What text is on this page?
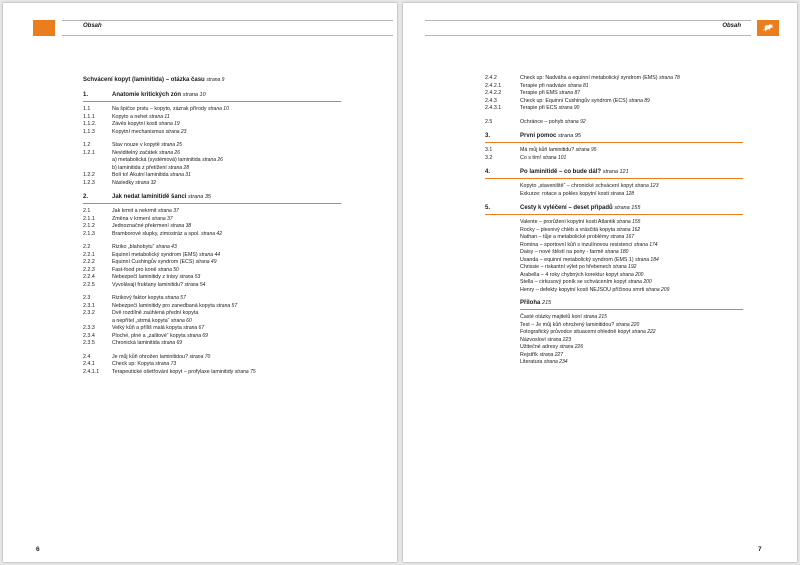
Obsah
Schvácení kopyt (laminitida) – otázka času strana 9
1.	Anatomie kritických zón strana 10
1.1	Na špičce prstu – kopyto, zázrak přírody strana 10
1.1.1	Kopyto a nehet strana 11
1.1.2.	Závěs kopytní kosti strana 19
1.1.3	Kopytní mechanismus strana 23
1.2	Stav nouze v kopytě strana 25
1.2.1	Neviditelný začátek strana 26
a) metabolická (systémová) laminitida strana 26
b) laminitida z přetížení strana 28
1.2.2	Bolí to! Akutní laminitida strana 31
1.2.3	Následky strana 32
2.	Jak nedat laminitidě šanci strana 35
2.1	Jak krmit a nekrmit strana 37
2.1.1	Změna v krmení strana 37
2.1.2	Jednoznačné překrmení strana 38
2.1.3	Bramborové slupky, zimostráz a spol. strana 42
2.2	Riziko „blahobytu“ strana 43
2.2.1	Equinní metabolický syndrom (EMS) strana 44
2.2.2	Equinní Cushingův syndrom (ECS) strana 49
2.2.3	Fast-food pro koně strana 50
2.2.4	Nebezpečí laminitidy z trávy strana 53
2.2.5	Vyvolávají fruktany laminitidu? strana 54
2.3	Rizikový faktor kopyta strana 57
2.3.1	Nebezpečí laminitidy pro zanedbaná kopyta strana 57
2.3.2	Dvě rozdílně zaúhlená přední kopyta
a nepřítel „strmá kopyta“ strana 60
2.3.3	Velký kůň a příliš malá kopyta strana 67
2.3.4	Ploché, plné a „zalitové“ kopyta strana 69
2.3.5	Chronická laminitida strana 69
2.4	Je můj kůň ohrožen laminitidou? strana 70
2.4.1	Check up: Kopyta strana 73
2.4.1.1 Terapeutické ošetřování kopyt – profylaxe laminitidy strana 75
6
Obsah
2.4.2	Check up: Nadváha a equinní metabolický syndrom (EMS) strana 78
2.4.2.1	Terapie při nadváze strana 81
2.4.2.2	Terapie při EMS strana 87
2.4.3	Check up: Equinní Cushingův syndrom (ECS) strana 89
2.4.3.1	Terapie při ECS strana 90
2.5	Ochránce – pohyb strana 92
3.	První pomoc strana 95
3.1	Má můj kůň laminitidu? strana 95
3.2	Co s tím! strana 101
4.	Po laminitidě – co bude dál? strana 121
Kopyto „staveniště“ – chronické schvácení kopyt strana 123
Exkurze: rotace a pokles kopytní kosti strana 128
5.	Cesty k vyléčení – deset případů strana 155
Valente – prorůžení kopytní kosti Atlantik strana 155
Rocky – plesnivý chléb a vrásčitá kopyta strana 162
Nathan – tůje a metabolické problémy strana 167
Romina – sportovní kůň s inzulínovou resistencí strana 174
Daisy – nové štěstí na pony - farmě strana 180
Usanda – equinní metabolický syndrom (EMS 1) strana 184
Chrissie – riskantní výlet po hřebenech strana 192
Arabella – 4 roky chybných korektur kopyt strana 200
Stella – cirkusový poník se schvácením kopyt strana 200
Henry – defekty kopytní kosti NEJSOU příčinou smrti strana 209
Příloha 215
Časté otázky majitelů koní strana 215
Test – Je můj kůň ohrožený laminitidou? strana 220
Fotografický průvodce situacemi ohledně kopyt strana 222
Názvosloví strana 223
Užitečné adresy strana 226
Rejstřík strana 227
Literatura strana 234
7
